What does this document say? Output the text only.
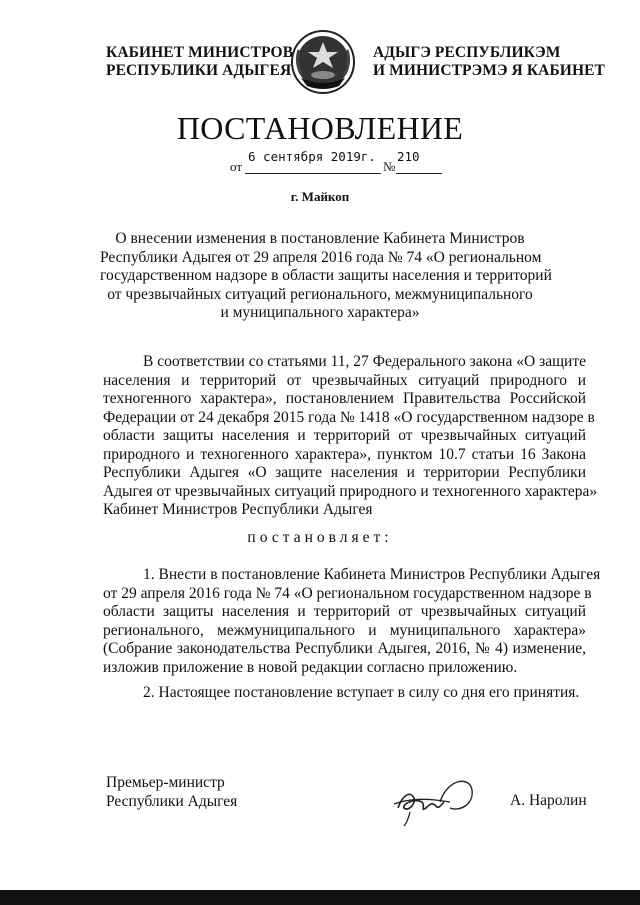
КАБИНЕТ МИНИСТРОВ
РЕСПУБЛИКИ АДЫГЕЯ
АДЫГЭ РЕСПУБЛИКЭМ
И МИНИСТРЭМЭ Я КАБИНЕТ
ПОСТАНОВЛЕНИЕ
от
6 сентября 2019г.
№
210
г. Майкоп
О внесении изменения в постановление Кабинета Министров
Республики Адыгея от 29 апреля 2016 года № 74 «О региональном
государственном надзоре в области защиты населения и территорий
от чрезвычайных ситуаций регионального, межмуниципального
и муниципального характера»
В соответствии со статьями 11, 27 Федерального закона «О защите
населения и территорий от чрезвычайных ситуаций природного и
техногенного характера», постановлением Правительства Российской
Федерации от 24 декабря 2015 года № 1418 «О государственном надзоре в
области защиты населения и территорий от чрезвычайных ситуаций
природного и техногенного характера», пунктом 10.7 статьи 16 Закона
Республики Адыгея «О защите населения и территории Республики
Адыгея от чрезвычайных ситуаций природного и техногенного характера»
Кабинет Министров Республики Адыгея
постановляет:
1. Внести в постановление Кабинета Министров Республики Адыгея
от 29 апреля 2016 года № 74 «О региональном государственном надзоре в
области защиты населения и территорий от чрезвычайных ситуаций
регионального, межмуниципального и муниципального характера»
(Собрание законодательства Республики Адыгея, 2016, № 4) изменение,
изложив приложение в новой редакции согласно приложению.
2. Настоящее постановление вступает в силу со дня его принятия.
Премьер-министр
Республики Адыгея	А. Наролин
